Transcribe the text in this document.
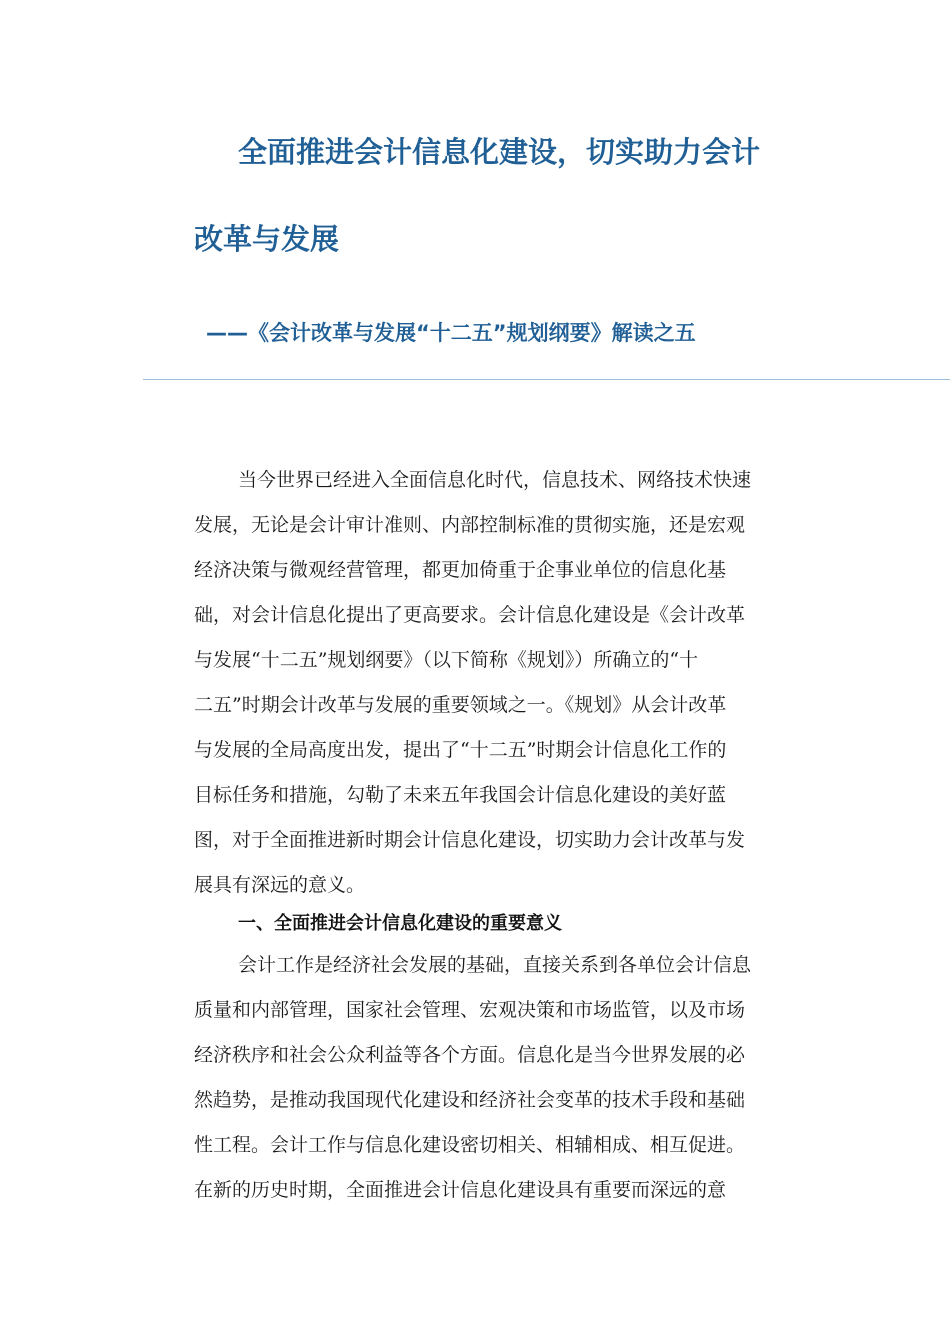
全面推进会计信息化建设，切实助力会计
改革与发展
——《会计改革与发展“十二五”规划纲要》解读之五
当今世界已经进入全面信息化时代，信息技术、网络技术快速
发展，无论是会计审计准则、内部控制标准的贯彻实施，还是宏观
经济决策与微观经营管理，都更加倚重于企事业单位的信息化基
础，对会计信息化提出了更高要求。会计信息化建设是《会计改革
与发展“十二五”规划纲要》（以下简称《规划》）所确立的“十
二五”时期会计改革与发展的重要领域之一。《规划》从会计改革
与发展的全局高度出发，提出了“十二五”时期会计信息化工作的
目标任务和措施，勾勒了未来五年我国会计信息化建设的美好蓝
图，对于全面推进新时期会计信息化建设，切实助力会计改革与发
展具有深远的意义。
一、全面推进会计信息化建设的重要意义
会计工作是经济社会发展的基础，直接关系到各单位会计信息
质量和内部管理，国家社会管理、宏观决策和市场监管，以及市场
经济秩序和社会公众利益等各个方面。信息化是当今世界发展的必
然趋势，是推动我国现代化建设和经济社会变革的技术手段和基础
性工程。会计工作与信息化建设密切相关、相辅相成、相互促进。
在新的历史时期，全面推进会计信息化建设具有重要而深远的意
